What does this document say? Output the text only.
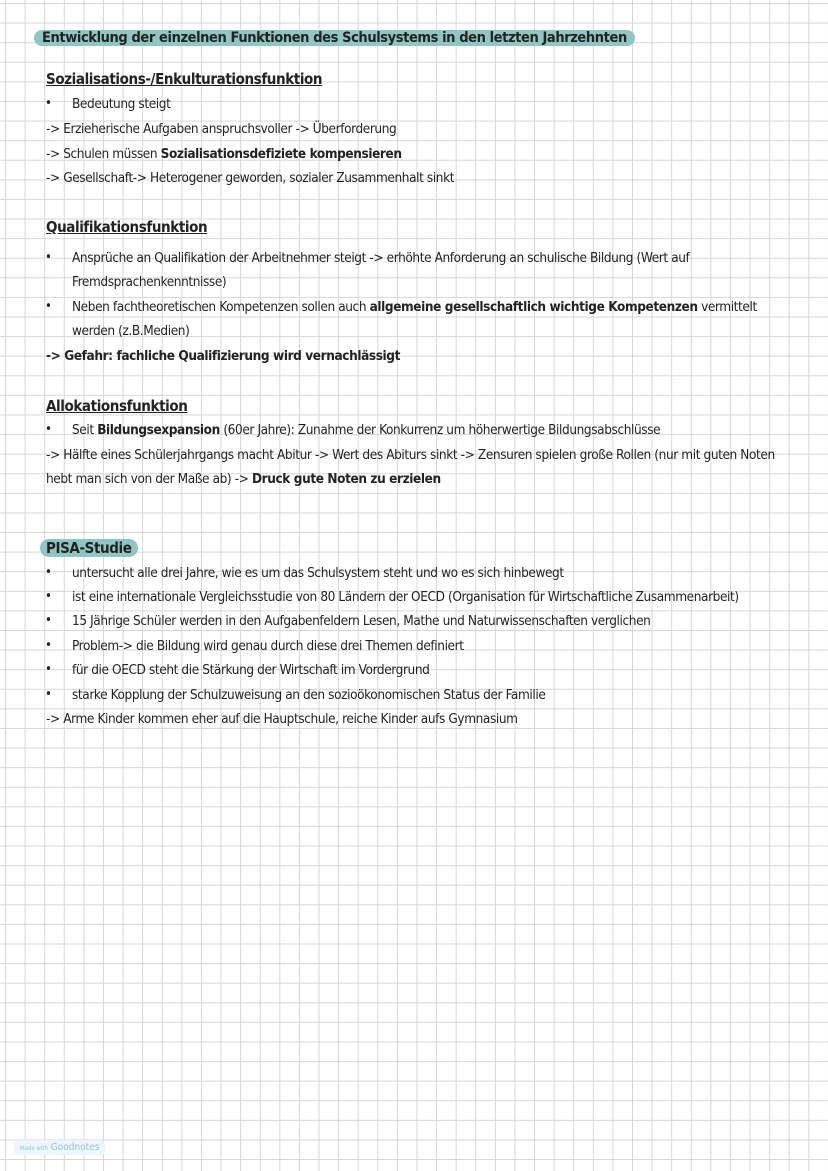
Entwicklung der einzelnen Funktionen des Schulsystems in den letzten Jahrzehnten
Sozialisations-/Enkulturationsfunktion
• Bedeutung steigt
-> Erzieherische Aufgaben anspruchsvoller -> Überforderung
-> Schulen müssen Sozialisationsdefiziete kompensieren
-> Gesellschaft-> Heterogener geworden, sozialer Zusammenhalt sinkt
Qualifikationsfunktion
• Ansprüche an Qualifikation der Arbeitnehmer steigt -> erhöhte Anforderung an schulische Bildung (Wert auf
Fremdsprachenkenntnisse)
• Neben fachtheoretischen Kompetenzen sollen auch allgemeine gesellschaftlich wichtige Kompetenzen vermittelt
werden (z.B.Medien)
-> Gefahr: fachliche Qualifizierung wird vernachlässigt
Allokationsfunktion
• Seit Bildungsexpansion (60er Jahre): Zunahme der Konkurrenz um höherwertige Bildungsabschlüsse
-> Hälfte eines Schülerjahrgangs macht Abitur -> Wert des Abiturs sinkt -> Zensuren spielen große Rollen (nur mit guten Noten
hebt man sich von der Maße ab) -> Druck gute Noten zu erzielen
PISA-Studie
• untersucht alle drei Jahre, wie es um das Schulsystem steht und wo es sich hinbewegt
• ist eine internationale Vergleichsstudie von 80 Ländern der OECD (Organisation für Wirtschaftliche Zusammenarbeit)
• 15 Jährige Schüler werden in den Aufgabenfeldern Lesen, Mathe und Naturwissenschaften verglichen
• Problem-> die Bildung wird genau durch diese drei Themen definiert
• für die OECD steht die Stärkung der Wirtschaft im Vordergrund
• starke Kopplung der Schulzuweisung an den sozioökonomischen Status der Familie
-> Arme Kinder kommen eher auf die Hauptschule, reiche Kinder aufs Gymnasium
Made with Goodnotes
